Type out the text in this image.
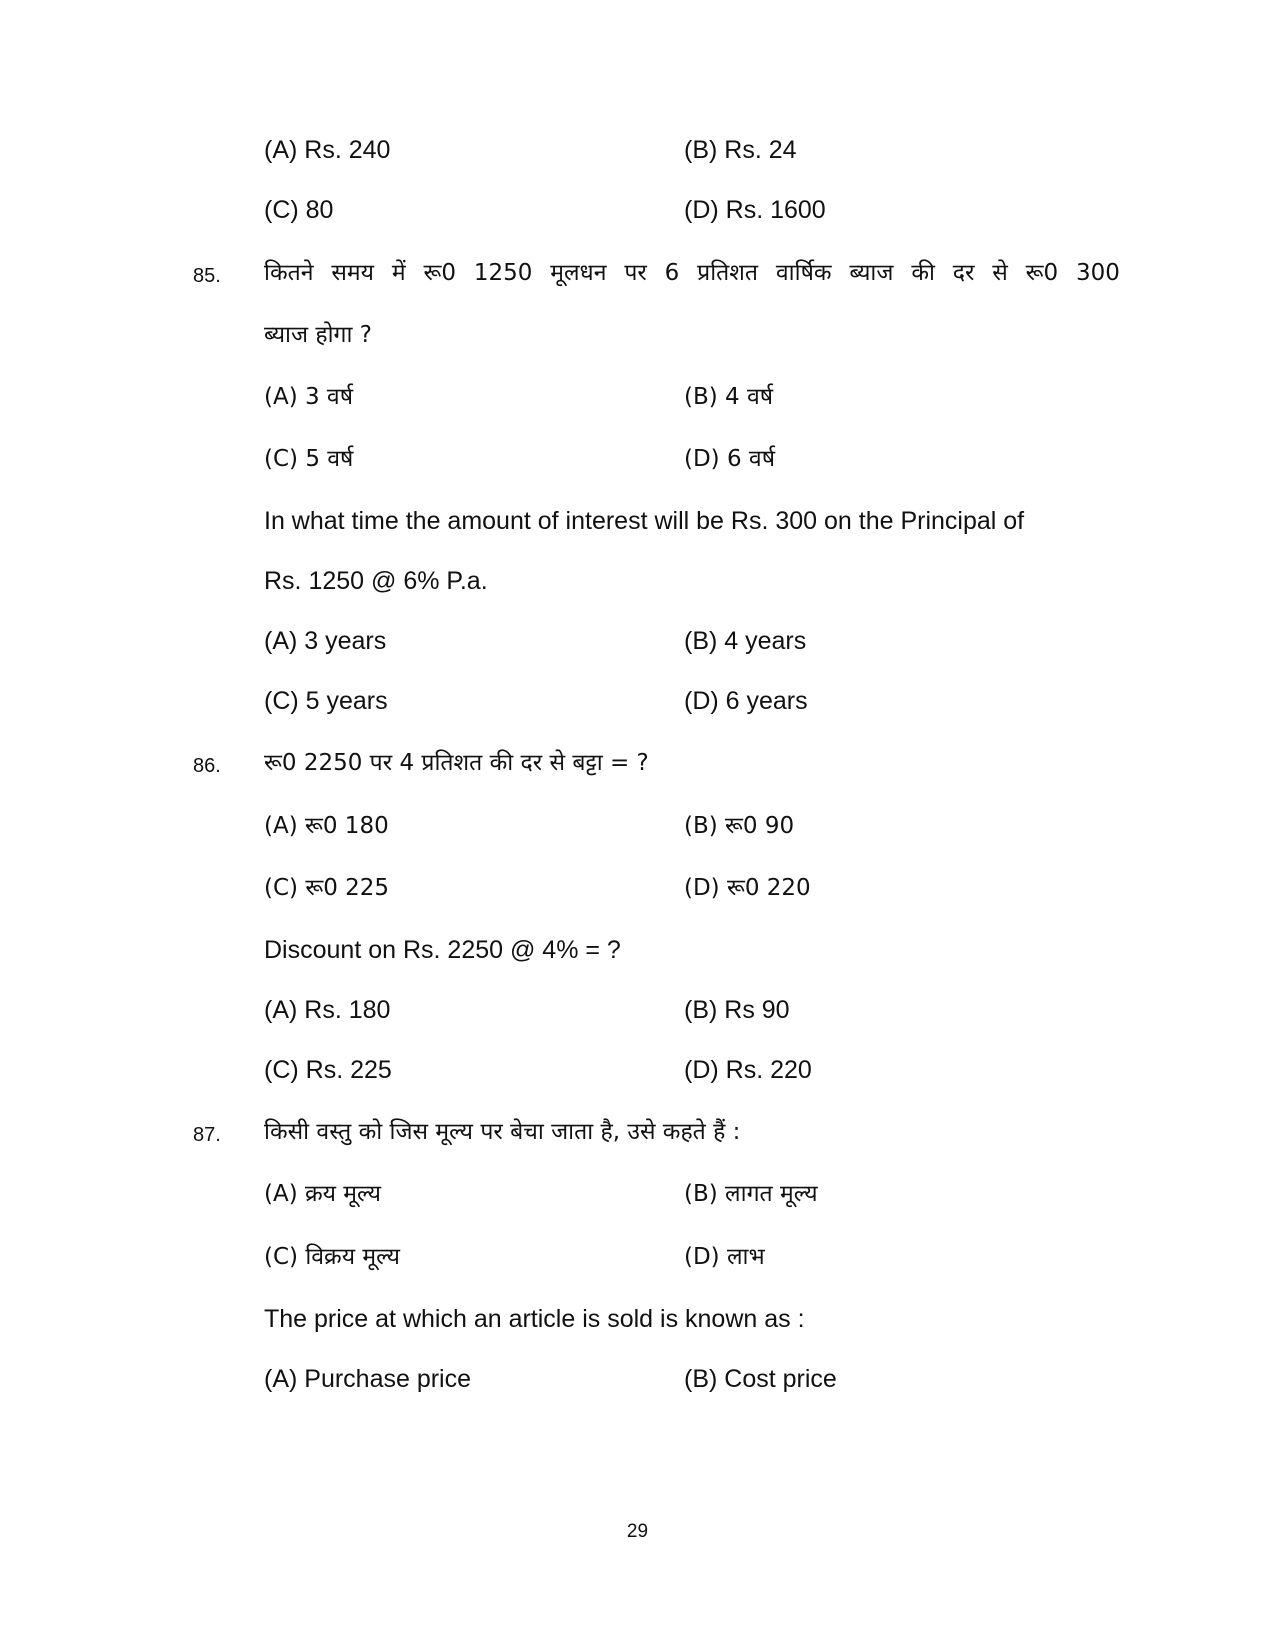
(A) Rs. 240	(B) Rs. 24
(C) 80	(D) Rs. 1600
85. कितने समय में रू0 1250 मूलधन पर 6 प्रतिशत वार्षिक ब्याज की दर से रू0 300
ब्याज होगा ?
(A) 3 वर्ष	(B) 4 वर्ष
(C) 5 वर्ष	(D) 6 वर्ष
In what time the amount of interest will be Rs. 300 on the Principal of
Rs. 1250 @ 6% P.a.
(A) 3 years	(B) 4 years
(C) 5 years	(D) 6 years
86. रू0 2250 पर 4 प्रतिशत की दर से बट्टा = ?
(A) रू0 180	(B) रू0 90
(C) रू0 225	(D) रू0 220
Discount on Rs. 2250 @ 4% = ?
(A) Rs. 180	(B) Rs 90
(C) Rs. 225	(D) Rs. 220
87. किसी वस्तु को जिस मूल्य पर बेचा जाता है, उसे कहते हैं :
(A) क्रय मूल्य	(B) लागत मूल्य
(C) विक्रय मूल्य	(D) लाभ
The price at which an article is sold is known as :
(A) Purchase price	(B) Cost price
29
